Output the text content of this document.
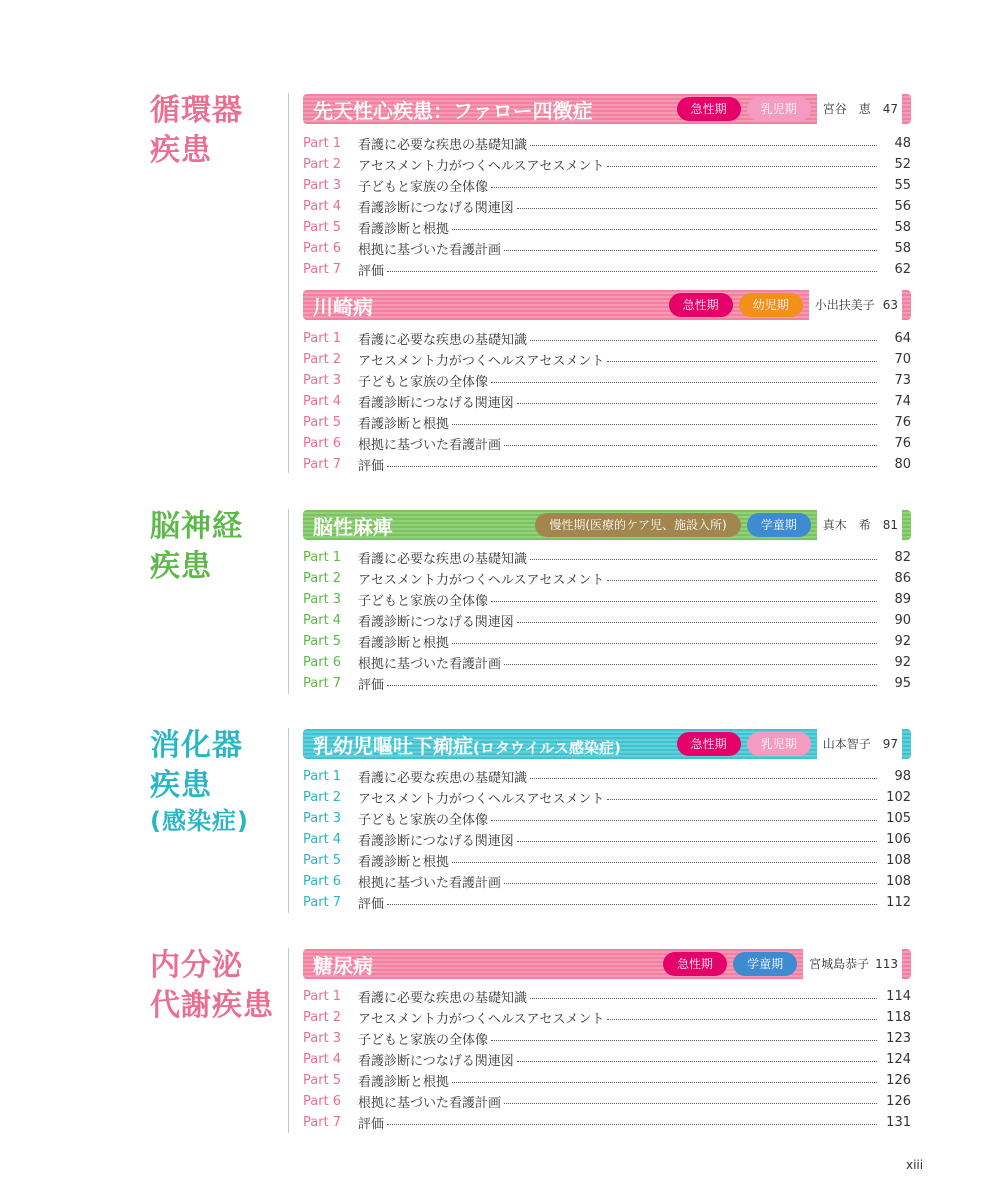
循環器
疾患
先天性心疾患：ファロー四徴症	急性期	乳児期	宮谷　恵 47
Part 1	看護に必要な疾患の基礎知識	48
Part 2	アセスメント力がつくヘルスアセスメント	52
Part 3	子どもと家族の全体像	55
Part 4	看護診断につなげる関連図	56
Part 5	看護診断と根拠	58
Part 6	根拠に基づいた看護計画	58
Part 7	評価	62
川崎病	急性期	幼児期	小出扶美子 63
Part 1	看護に必要な疾患の基礎知識	64
Part 2	アセスメント力がつくヘルスアセスメント	70
Part 3	子どもと家族の全体像	73
Part 4	看護診断につなげる関連図	74
Part 5	看護診断と根拠	76
Part 6	根拠に基づいた看護計画	76
Part 7	評価	80
脳神経
疾患
脳性麻痺	慢性期(医療的ケア児、施設入所)	学童期	真木　希 81
Part 1	看護に必要な疾患の基礎知識	82
Part 2	アセスメント力がつくヘルスアセスメント	86
Part 3	子どもと家族の全体像	89
Part 4	看護診断につなげる関連図	90
Part 5	看護診断と根拠	92
Part 6	根拠に基づいた看護計画	92
Part 7	評価	95
消化器
疾患
(感染症)
乳幼児嘔吐下痢症(ロタウイルス感染症)	急性期	乳児期	山本智子 97
Part 1	看護に必要な疾患の基礎知識	98
Part 2	アセスメント力がつくヘルスアセスメント	102
Part 3	子どもと家族の全体像	105
Part 4	看護診断につなげる関連図	106
Part 5	看護診断と根拠	108
Part 6	根拠に基づいた看護計画	108
Part 7	評価	112
内分泌
代謝疾患
糖尿病	急性期	学童期	宮城島恭子 113
Part 1	看護に必要な疾患の基礎知識	114
Part 2	アセスメント力がつくヘルスアセスメント	118
Part 3	子どもと家族の全体像	123
Part 4	看護診断につなげる関連図	124
Part 5	看護診断と根拠	126
Part 6	根拠に基づいた看護計画	126
Part 7	評価	131
xiii
